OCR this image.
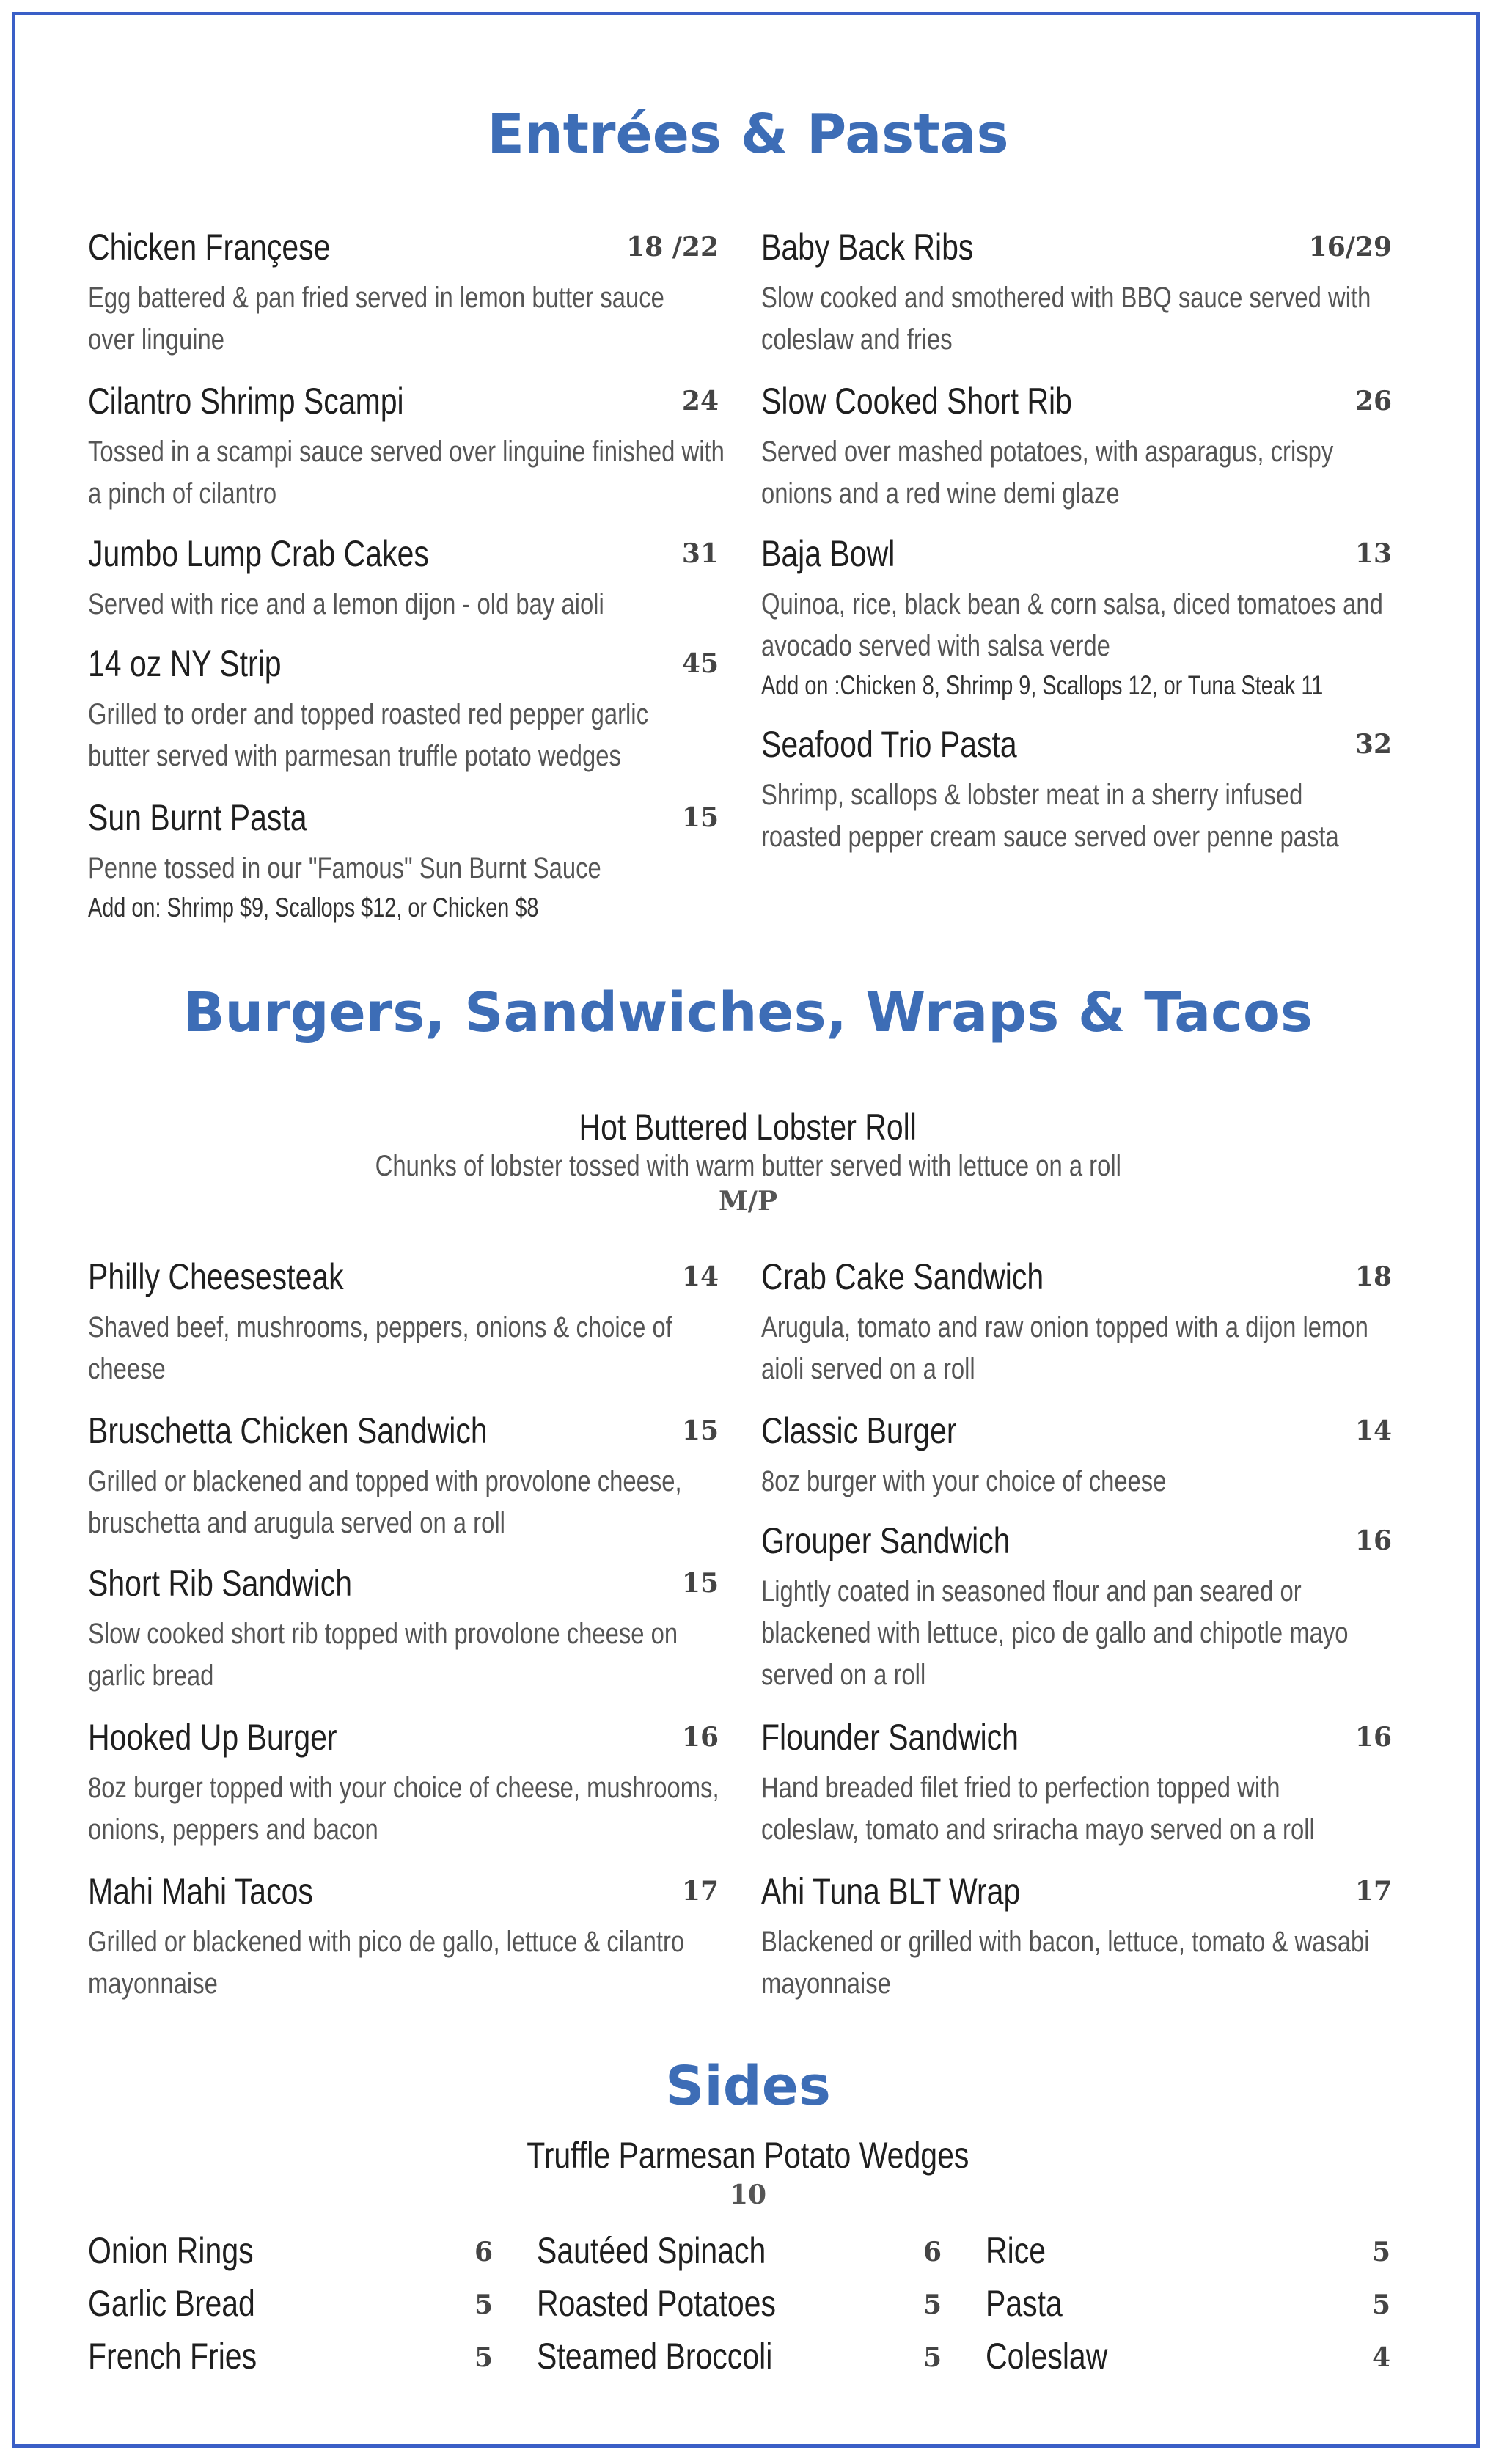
Entrées & Pastas
Chicken Françese	18 /22
Egg battered & pan fried served in lemon butter sauce
over linguine
Cilantro Shrimp Scampi	24
Tossed in a scampi sauce served over linguine finished with
a pinch of cilantro
Jumbo Lump Crab Cakes	31
Served with rice and a lemon dijon - old bay aioli
14 oz NY Strip	45
Grilled to order and topped roasted red pepper garlic
butter served with parmesan truffle potato wedges
Sun Burnt Pasta	15
Penne tossed in our "Famous" Sun Burnt Sauce
Add on: Shrimp $9, Scallops $12, or Chicken $8
Baby Back Ribs	16/29
Slow cooked and smothered with BBQ sauce served with
coleslaw and fries
Slow Cooked Short Rib	26
Served over mashed potatoes, with asparagus, crispy
onions and a red wine demi glaze
Baja Bowl	13
Quinoa, rice, black bean & corn salsa, diced tomatoes and
avocado served with salsa verde
Add on :Chicken 8, Shrimp 9, Scallops 12, or Tuna Steak 11
Seafood Trio Pasta	32
Shrimp, scallops & lobster meat in a sherry infused
roasted pepper cream sauce served over penne pasta
Burgers, Sandwiches, Wraps & Tacos
Hot Buttered Lobster Roll
Chunks of lobster tossed with warm butter served with lettuce on a roll
M/P
Philly Cheesesteak	14
Shaved beef, mushrooms, peppers, onions & choice of
cheese
Bruschetta Chicken Sandwich	15
Grilled or blackened and topped with provolone cheese,
bruschetta and arugula served on a roll
Short Rib Sandwich	15
Slow cooked short rib topped with provolone cheese on
garlic bread
Hooked Up Burger	16
8oz burger topped with your choice of cheese, mushrooms,
onions, peppers and bacon
Mahi Mahi Tacos	17
Grilled or blackened with pico de gallo, lettuce & cilantro
mayonnaise
Crab Cake Sandwich	18
Arugula, tomato and raw onion topped with a dijon lemon
aioli served on a roll
Classic Burger	14
8oz burger with your choice of cheese
Grouper Sandwich	16
Lightly coated in seasoned flour and pan seared or
blackened with lettuce, pico de gallo and chipotle mayo
served on a roll
Flounder Sandwich	16
Hand breaded filet fried to perfection topped with
coleslaw, tomato and sriracha mayo served on a roll
Ahi Tuna BLT Wrap	17
Blackened or grilled with bacon, lettuce, tomato & wasabi
mayonnaise
Sides
Truffle Parmesan Potato Wedges
10
Onion Rings	6
Garlic Bread	5
French Fries	5
Sautéed Spinach	6
Roasted Potatoes	5
Steamed Broccoli	5
Rice	5
Pasta	5
Coleslaw	4
